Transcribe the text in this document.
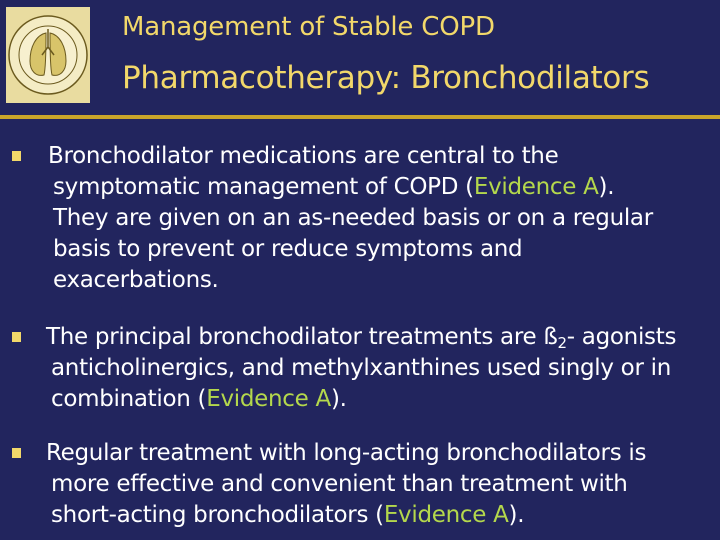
Management of Stable COPD
Pharmacotherapy: Bronchodilators
Bronchodilator medications are central to the
symptomatic management of COPD (Evidence A).
They are given on an as-needed basis or on a regular
basis to prevent or reduce symptoms and
exacerbations.
The principal bronchodilator treatments are $ß_2-$ agonists
anticholinergics, and methylxanthines used singly or in
combination (Evidence A).
Regular treatment with long-acting bronchodilators is
more effective and convenient than treatment with
short-acting bronchodilators (Evidence A).
